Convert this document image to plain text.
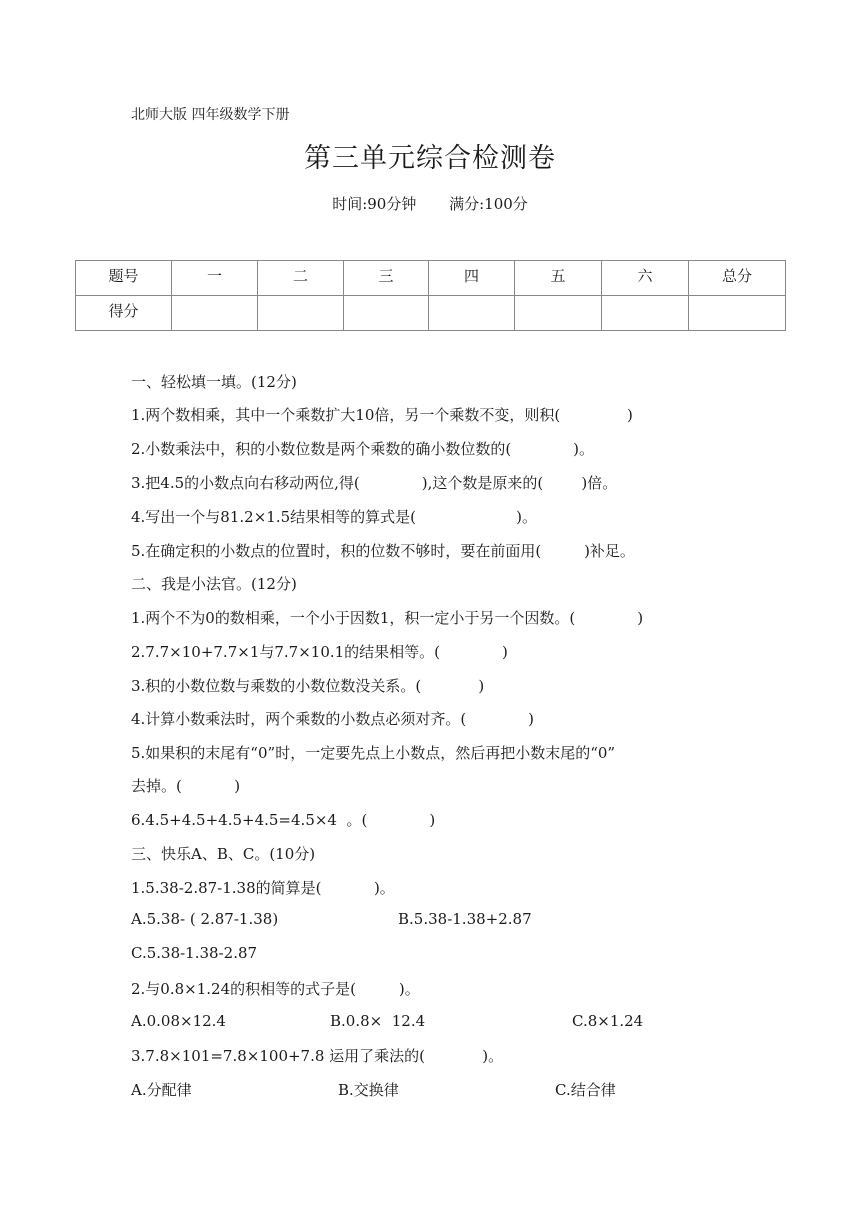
北师大版 四年级数学下册
第三单元综合检测卷
时间:90分钟 满分:100分
题号	一	二	三	四	五	六	总分
得分							
一、轻松填一填。(12分)
1.两个数相乘，其中一个乘数扩大10倍，另一个乘数不变，则积(              )
2.小数乘法中，积的小数位数是两个乘数的确小数位数的(             )。
3.把4.5的小数点向右移动两位,得(             ),这个数是原来的(        )倍。
4.写出一个与81.2×1.5结果相等的算式是(                     )。
5.在确定积的小数点的位置时，积的位数不够时，要在前面用(         )补足。
二、我是小法官。(12分)
1.两个不为0的数相乘，一个小于因数1，积一定小于另一个因数。(             )
2.7.7×10+7.7×1与7.7×10.1的结果相等。(             )
3.积的小数位数与乘数的小数位数没关系。(            )
4.计算小数乘法时，两个乘数的小数点必须对齐。(             )
5.如果积的末尾有“0”时，一定要先点上小数点，然后再把小数末尾的“0”
去掉。(           )
6.4.5+4.5+4.5+4.5=4.5×4  。(             )
三、快乐A、B、C。(10分)
1.5.38-2.87-1.38的简算是(           )。
A.5.38- ( 2.87-1.38)	B.5.38-1.38+2.87
C.5.38-1.38-2.87
2.与0.8×1.24的积相等的式子是(         )。
A.0.08×12.4	B.0.8×  12.4	C.8×1.24
3.7.8×101=7.8×100+7.8 运用了乘法的(            )。
A.分配律	B.交换律	C.结合律
